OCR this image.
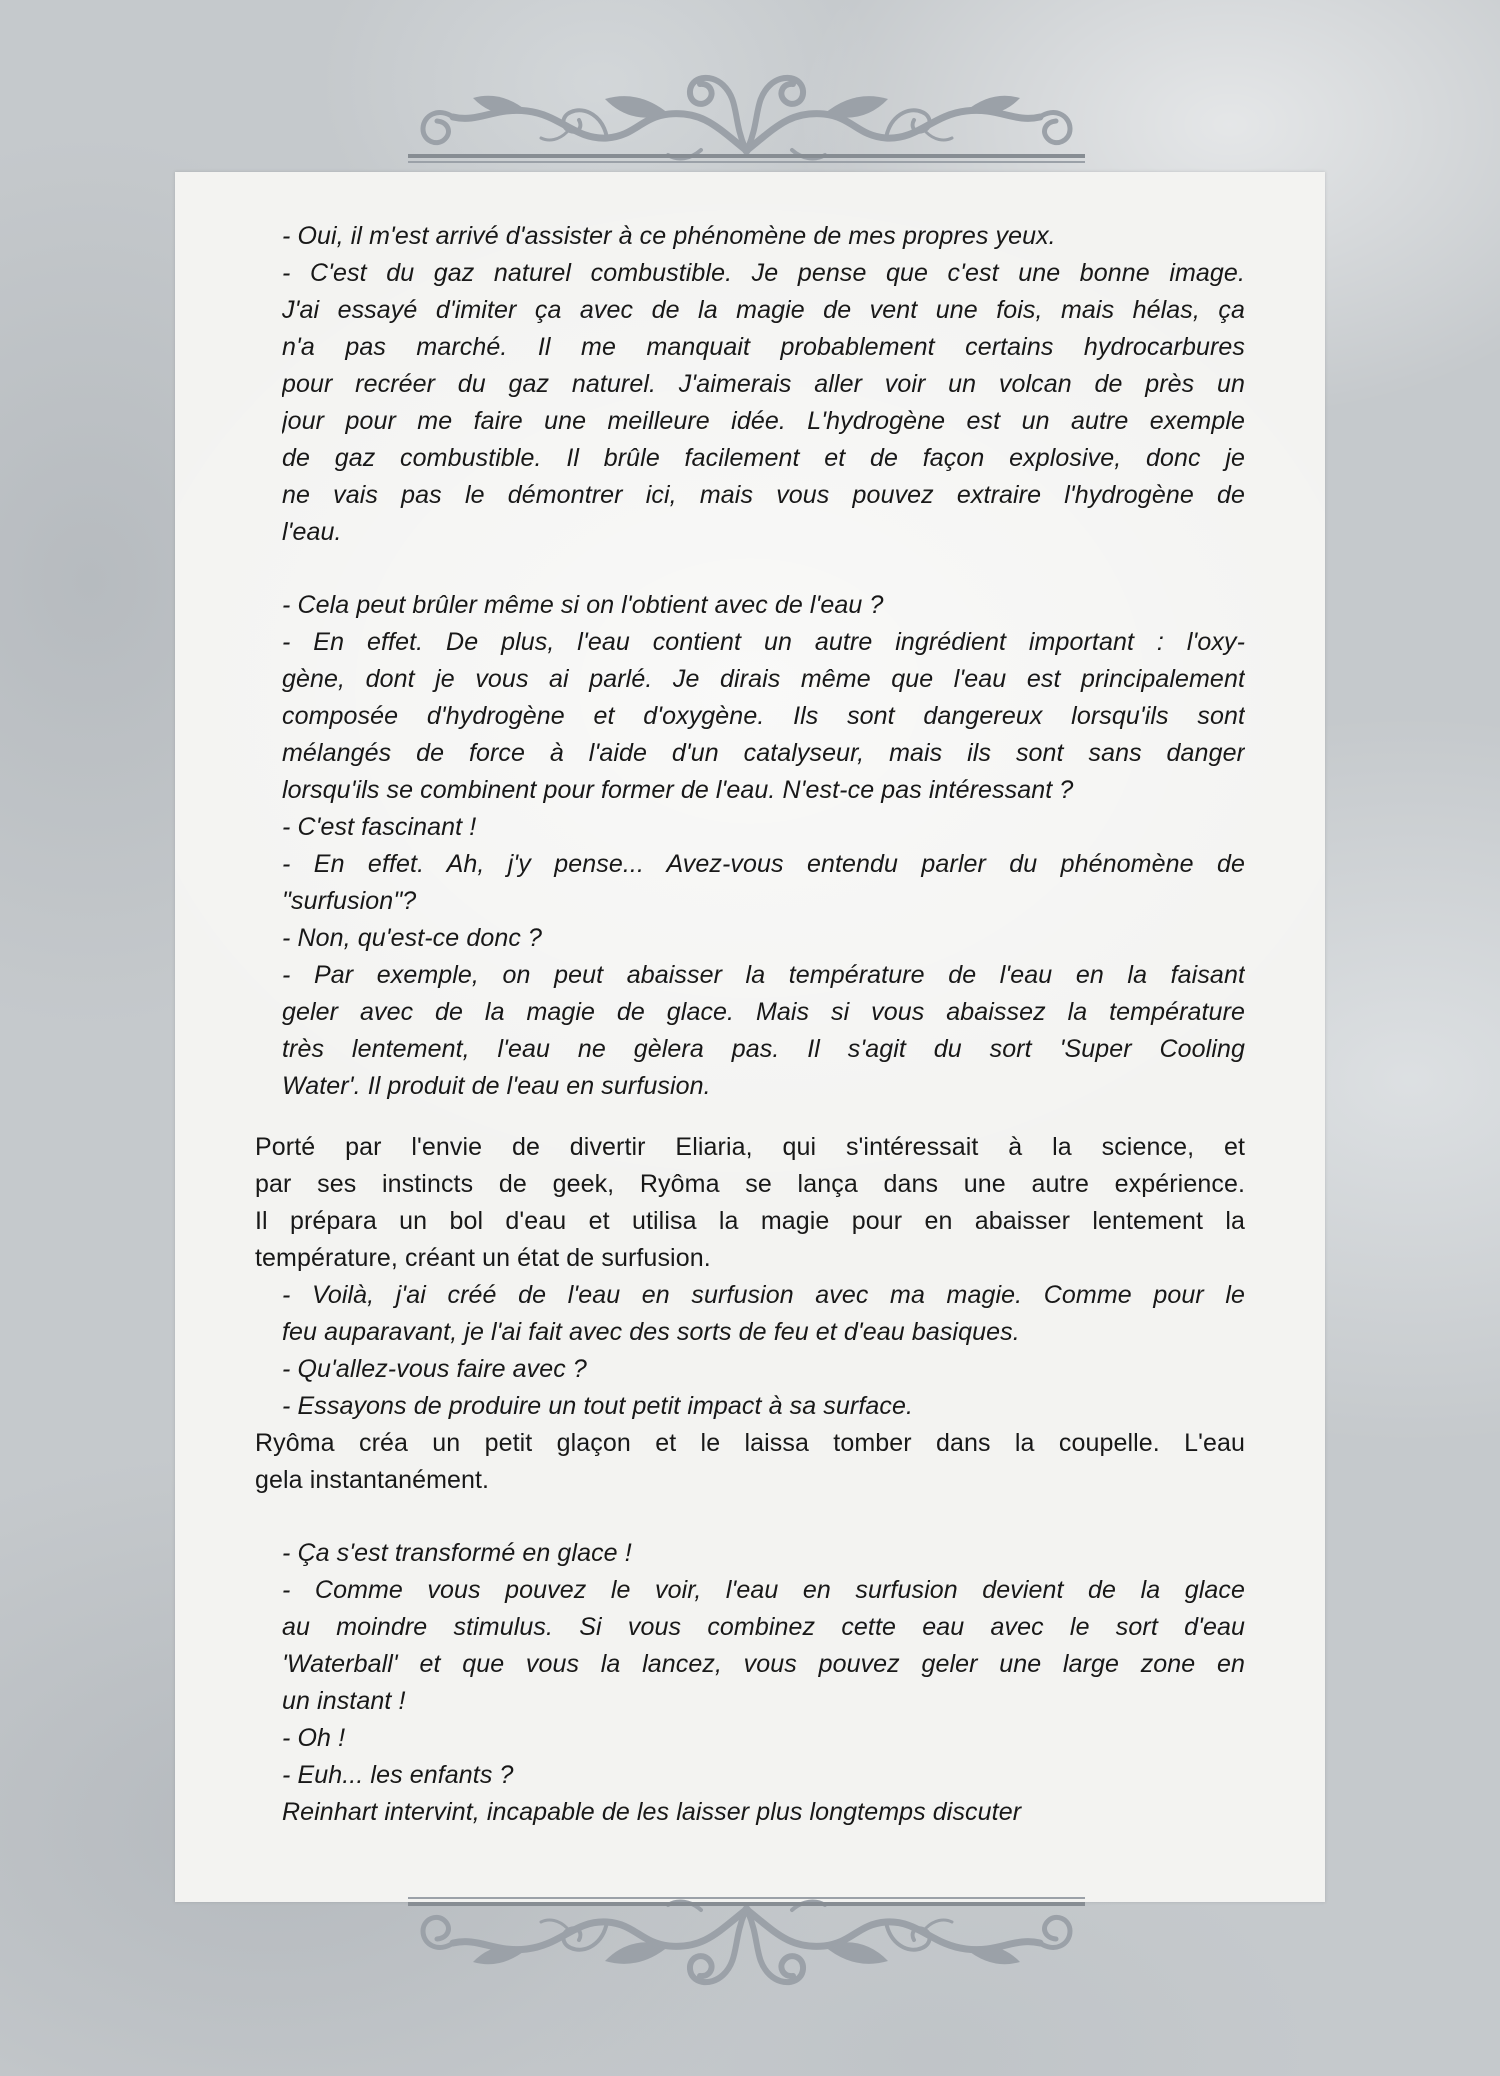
- Oui, il m'est arrivé d'assister à ce phénomène de mes propres yeux.

- C'est du gaz naturel combustible. Je pense que c'est une bonne image.
J'ai essayé d'imiter ça avec de la magie de vent une fois, mais hélas, ça
n'a pas marché. Il me manquait probablement certains hydrocarbures
pour recréer du gaz naturel. J'aimerais aller voir un volcan de près un
jour pour me faire une meilleure idée. L'hydrogène est un autre exemple
de gaz combustible. Il brûle facilement et de façon explosive, donc je
ne vais pas le démontrer ici, mais vous pouvez extraire l'hydrogène de
l'eau.

- Cela peut brûler même si on l'obtient avec de l'eau ?

- En effet. De plus, l'eau contient un autre ingrédient important : l'oxy-
gène, dont je vous ai parlé. Je dirais même que l'eau est principalement
composée d'hydrogène et d'oxygène. Ils sont dangereux lorsqu'ils sont
mélangés de force à l'aide d'un catalyseur, mais ils sont sans danger
lorsqu'ils se combinent pour former de l'eau. N'est-ce pas intéressant ?

- C'est fascinant !

- En effet. Ah, j'y pense... Avez-vous entendu parler du phénomène de
"surfusion"?

- Non, qu'est-ce donc ?

- Par exemple, on peut abaisser la température de l'eau en la faisant
geler avec de la magie de glace. Mais si vous abaissez la température
très lentement, l'eau ne gèlera pas. Il s'agit du sort 'Super Cooling
Water'. Il produit de l'eau en surfusion.

Porté par l'envie de divertir Eliaria, qui s'intéressait à la science, et
par ses instincts de geek, Ryôma se lança dans une autre expérience.
Il prépara un bol d'eau et utilisa la magie pour en abaisser lentement la
température, créant un état de surfusion.

- Voilà, j'ai créé de l'eau en surfusion avec ma magie. Comme pour le
feu auparavant, je l'ai fait avec des sorts de feu et d'eau basiques.

- Qu'allez-vous faire avec ?

- Essayons de produire un tout petit impact à sa surface.

Ryôma créa un petit glaçon et le laissa tomber dans la coupelle. L'eau
gela instantanément.

- Ça s'est transformé en glace !

- Comme vous pouvez le voir, l'eau en surfusion devient de la glace
au moindre stimulus. Si vous combinez cette eau avec le sort d'eau
'Waterball' et que vous la lancez, vous pouvez geler une large zone en
un instant !

- Oh !

- Euh... les enfants ?

Reinhart intervint, incapable de les laisser plus longtemps discuter
